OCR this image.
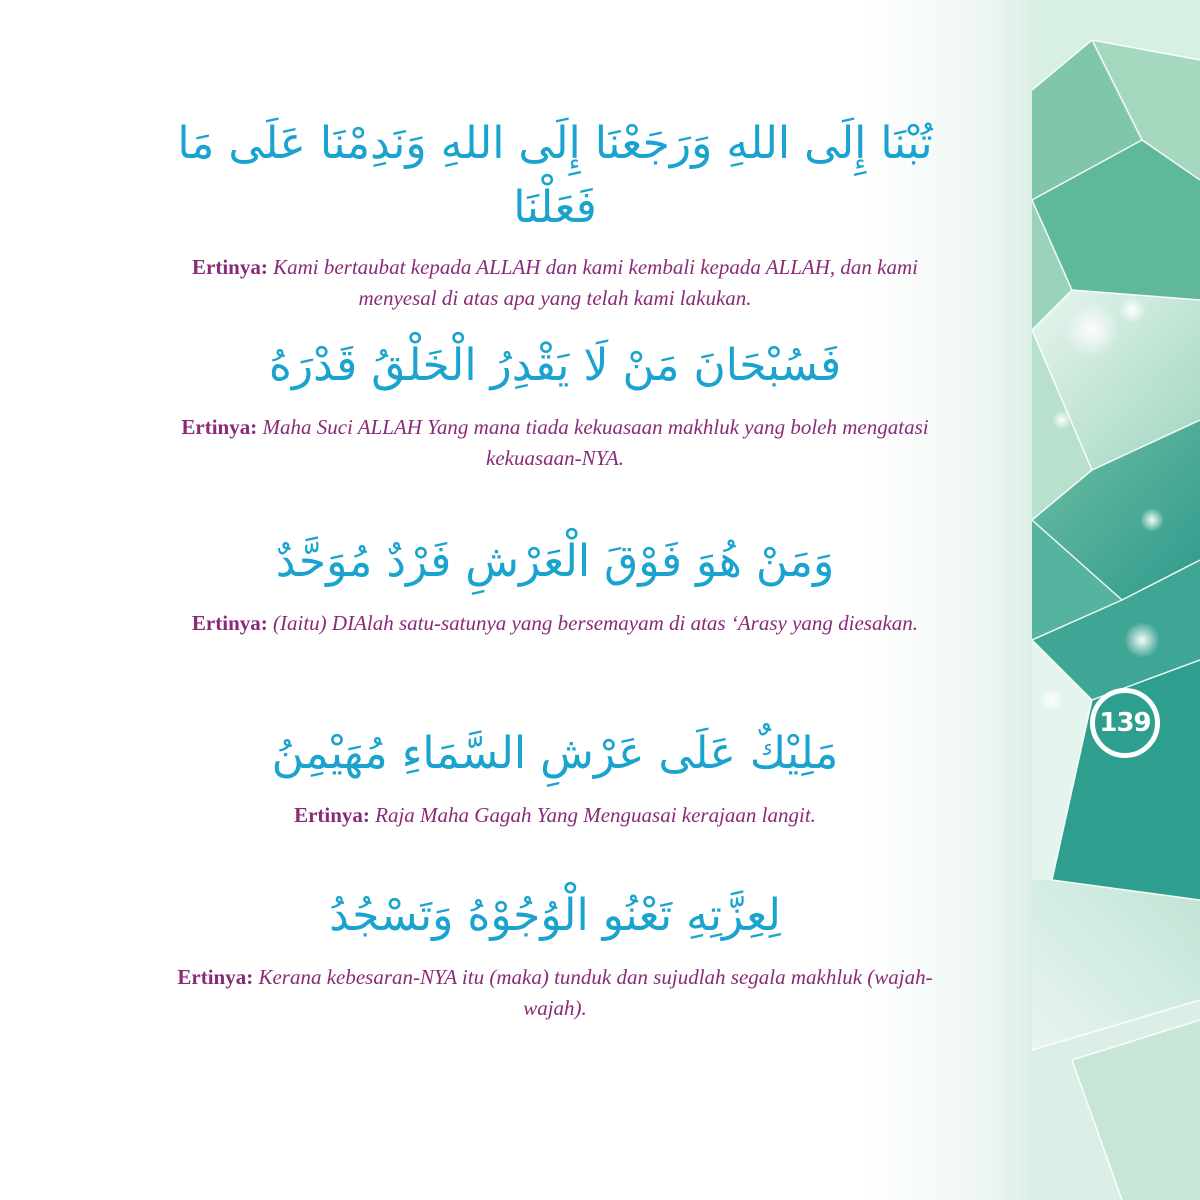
139

تُبْنَا إِلَى اللهِ وَرَجَعْنَا إِلَى اللهِ وَنَدِمْنَا عَلَى مَا فَعَلْنَا

Ertinya: Kami bertaubat kepada ALLAH dan kami kembali kepada ALLAH, dan kami menyesal di atas apa yang telah kami lakukan.

فَسُبْحَانَ مَنْ لَا يَقْدِرُ الْخَلْقُ قَدْرَهُ

Ertinya: Maha Suci ALLAH Yang mana tiada kekuasaan makhluk yang boleh mengatasi kekuasaan-NYA.

وَمَنْ هُوَ فَوْقَ الْعَرْشِ فَرْدٌ مُوَحَّدٌ

Ertinya: (Iaitu) DIAlah satu-satunya yang bersemayam di atas ‘Arasy yang diesakan.

مَلِيْكٌ عَلَى عَرْشِ السَّمَاءِ مُهَيْمِنُ

Ertinya: Raja Maha Gagah Yang Menguasai kerajaan langit.

لِعِزَّتِهِ تَعْنُو الْوُجُوْهُ وَتَسْجُدُ

Ertinya: Kerana kebesaran-NYA itu (maka) tunduk dan sujudlah segala makhluk (wajah-wajah).
